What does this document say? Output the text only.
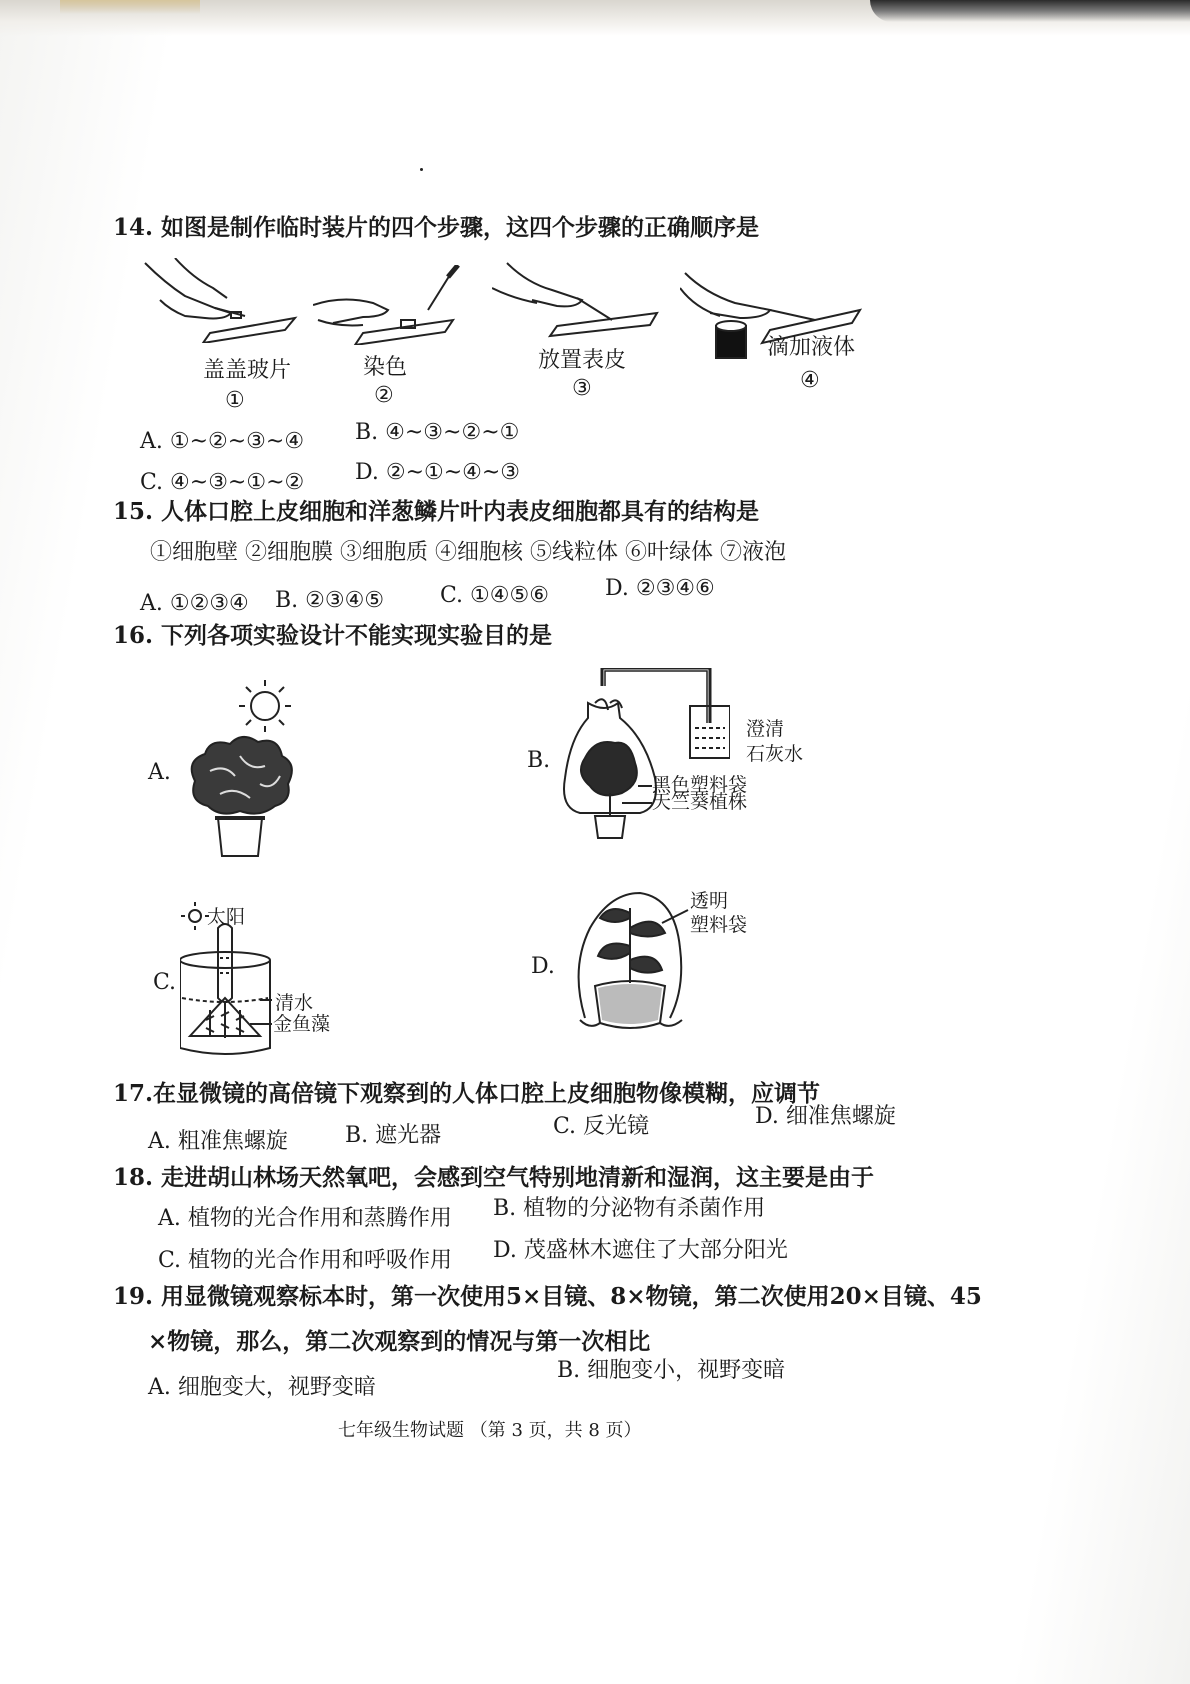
14. 如图是制作临时装片的四个步骤，这四个步骤的正确顺序是
盖盖玻片
①
染色
②
放置表皮
③
滴加液体
④
A. ①~②~③~④ B. ④~③~②~①
C. ④~③~①~② D. ②~①~④~③
15. 人体口腔上皮细胞和洋葱鳞片叶内表皮细胞都具有的结构是
①细胞壁 ②细胞膜 ③细胞质 ④细胞核 ⑤线粒体 ⑥叶绿体 ⑦液泡
A. ①②③④ B. ②③④⑤	C. ①④⑤⑥	D. ②③④⑥
16. 下列各项实验设计不能实现实验目的是
A.	B.
澄清
石灰水
黑色塑料袋
天竺葵植株
C.
太阳
清水
金鱼藻
D.
透明
塑料袋
17.在显微镜的高倍镜下观察到的人体口腔上皮细胞物像模糊，应调节
A. 粗准焦螺旋	B. 遮光器	C. 反光镜	D. 细准焦螺旋
18. 走进胡山林场天然氧吧，会感到空气特别地清新和湿润，这主要是由于
A. 植物的光合作用和蒸腾作用 B. 植物的分泌物有杀菌作用
C. 植物的光合作用和呼吸作用 D. 茂盛林木遮住了大部分阳光
19. 用显微镜观察标本时，第一次使用5×目镜、8×物镜，第二次使用20×目镜、45
×物镜，那么，第二次观察到的情况与第一次相比
A. 细胞变大，视野变暗
B. 细胞变小，视野变暗
七年级生物试题 （第 3 页，共 8 页）
